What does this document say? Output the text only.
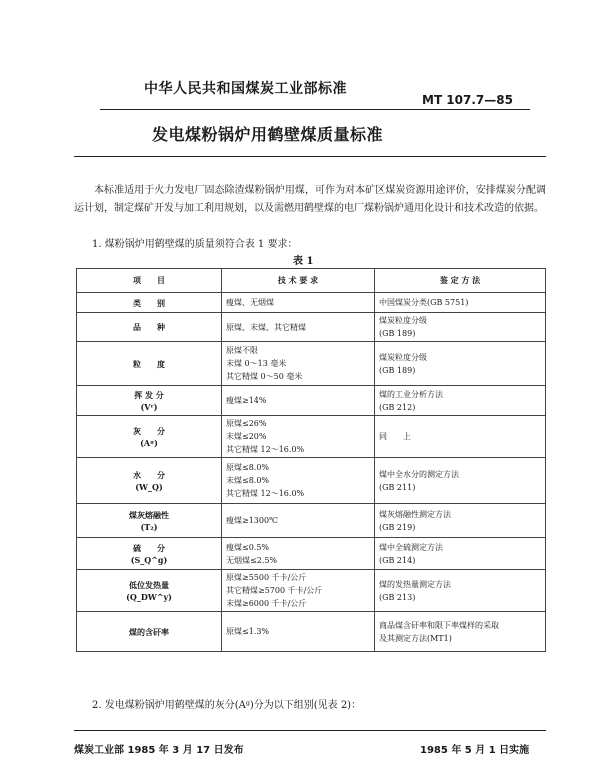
中华人民共和国煤炭工业部标准
MT 107.7—85
发电煤粉锅炉用鹤壁煤质量标准
本标准适用于火力发电厂固态除渣煤粉锅炉用煤，可作为对本矿区煤炭资源用途评价，安排煤炭分配调运计划，制定煤矿开发与加工利用规划，以及需燃用鹤壁煤的电厂煤粉锅炉通用化设计和技术改造的依据。
1. 煤粉锅炉用鹤壁煤的质量须符合表 1 要求：
表 1
项　　目	技 术 要 求	鉴 定 方 法

类　　别	瘦煤、无烟煤	中国煤炭分类(GB 5751)

品　　种	原煤、末煤、其它精煤	煤炭粒度分级
(GB 189)

粒　　度	原煤不限
末煤 0～13 毫米
其它精煤 0～50 毫米	煤炭粒度分级
(GB 189)

挥 发 分
(Vʳ)	瘦煤≥14%	煤的工业分析方法
(GB 212)

灰　　分
(Aᵍ)	原煤≤26%
末煤≤20%
其它精煤 12～16.0%	同　　上

水　　分
(W_Q)	原煤≤8.0%
末煤≤8.0%
其它精煤 12～16.0%	煤中全水分的测定方法
(GB 211)

煤灰熔融性
(T₂)	瘦煤≥1300℃	煤灰熔融性测定方法
(GB 219)

硫　　分
(S_Q^g)	瘦煤≤0.5%
无烟煤≤2.5%	煤中全硫测定方法
(GB 214)

低位发热量
(Q_DW^y)	原煤≥5500 千卡/公斤
其它精煤≥5700 千卡/公斤
末煤≥6000 千卡/公斤	煤的发热量测定方法
(GB 213)

煤的含矸率	原煤≤1.3%	商品煤含矸率和限下率煤样的采取
及其测定方法(MT1)
2. 发电煤粉锅炉用鹤壁煤的灰分(Aᵍ)分为以下组别(见表 2)：
煤炭工业部 1985 年 3 月 17 日发布	1985 年 5 月 1 日实施
